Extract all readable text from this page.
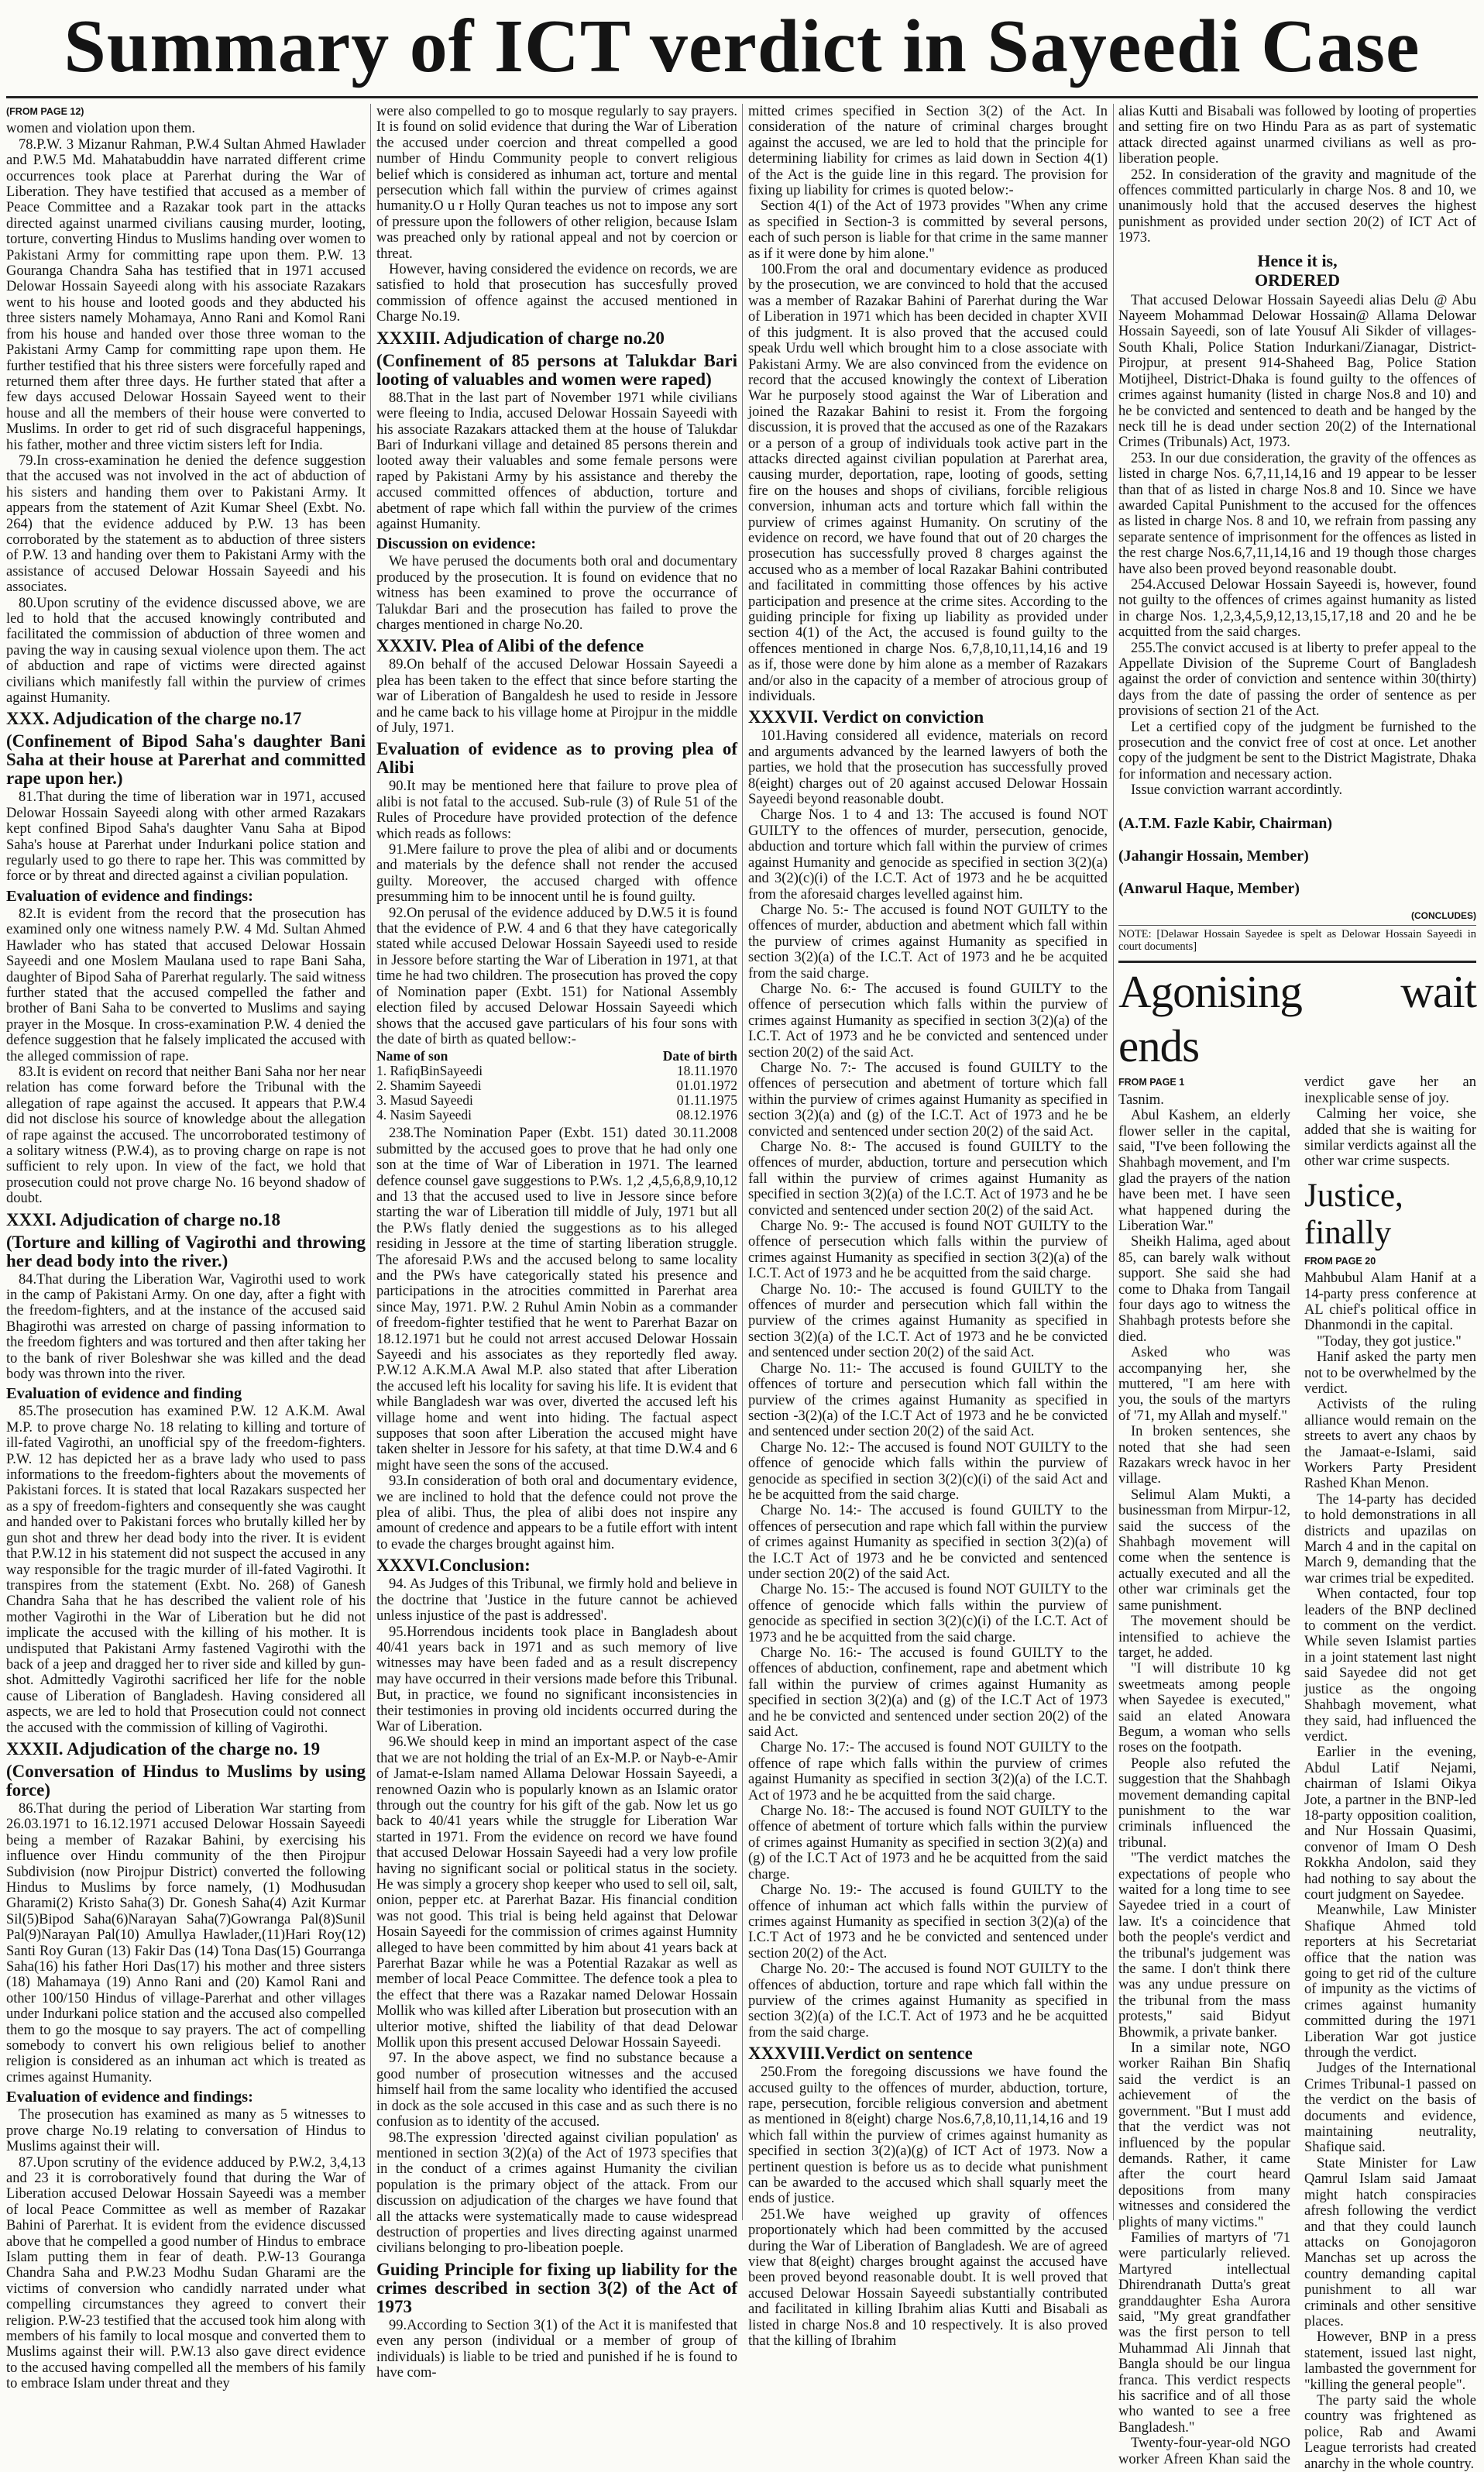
Summary of ICT verdict in Sayeedi Case
(FROM PAGE 12)

women and violation upon them.

78.P.W. 3 Mizanur Rahman, P.W.4 Sultan Ahmed Hawlader and P.W.5 Md. Mahatabuddin have narrated different crime occurrences took place at Parerhat during the War of Liberation. They have testified that accused as a member of Peace Committee and a Razakar took part in the attacks directed against unarmed civilians causing murder, looting, torture, converting Hindus to Muslims handing over women to Pakistani Army for committing rape upon them. P.W. 13 Gouranga Chandra Saha has testified that in 1971 accused Delowar Hossain Sayeedi along with his associate Razakars went to his house and looted goods and they abducted his three sisters namely Mohamaya, Anno Rani and Komol Rani from his house and handed over those three woman to the Pakistani Army Camp for committing rape upon them. He further testified that his three sisters were forcefully raped and returned them after three days. He further stated that after a few days accused Delowar Hossain Sayeed went to their house and all the members of their house were converted to Muslims. In order to get rid of such disgraceful happenings, his father, mother and three victim sisters left for India.

79.In cross-examination he denied the defence suggestion that the accused was not involved in the act of abduction of his sisters and handing them over to Pakistani Army. It appears from the statement of Azit Kumar Sheel (Exbt. No. 264) that the evidence adduced by P.W. 13 has been corroborated by the statement as to abduction of three sisters of P.W. 13 and handing over them to Pakistani Army with the assistance of accused Delowar Hossain Sayeedi and his associates.

80.Upon scrutiny of the evidence discussed above, we are led to hold that the accused knowingly contributed and facilitated the commission of abduction of three women and paving the way in causing sexual violence upon them. The act of abduction and rape of victims were directed against civilians which manifestly fall within the purview of crimes against Humanity.

XXX. Adjudication of the charge no.17
(Confinement of Bipod Saha's daughter Bani Saha at their house at Parerhat and committed rape upon her.)

81.That during the time of liberation war in 1971, accused Delowar Hossain Sayeedi along with other armed Razakars kept confined Bipod Saha's daughter Vanu Saha at Bipod Saha's house at Parerhat under Indurkani police station and regularly used to go there to rape her. This was committed by force or by threat and directed against a civilian population.

Evaluation of evidence and findings:

82.It is evident from the record that the prosecution has examined only one witness namely P.W. 4 Md. Sultan Ahmed Hawlader who has stated that accused Delowar Hossain Sayeedi and one Moslem Maulana used to rape Bani Saha, daughter of Bipod Saha of Parerhat regularly. The said witness further stated that the accused compelled the father and brother of Bani Saha to be converted to Muslims and saying prayer in the Mosque. In cross-examination P.W. 4 denied the defence suggestion that he falsely implicated the accused with the alleged commission of rape.

83.It is evident on record that neither Bani Saha nor her near relation has come forward before the Tribunal with the allegation of rape against the accused. It appears that P.W.4 did not disclose his source of knowledge about the allegation of rape against the accused. The uncorroborated testimony of a solitary witness (P.W.4), as to proving charge on rape is not sufficient to rely upon. In view of the fact, we hold that prosecution could not prove charge No. 16 beyond shadow of doubt.

XXXI. Adjudication of charge no.18
(Torture and killing of Vagirothi and throwing her dead body into the river.)

84.That during the Liberation War, Vagirothi used to work in the camp of Pakistani Army. On one day, after a fight with the freedom-fighters, and at the instance of the accused said Bhagirothi was arrested on charge of passing information to the freedom fighters and was tortured and then after taking her to the bank of river Boleshwar she was killed and the dead body was thrown into the river.

Evaluation of evidence and finding

85.The prosecution has examined P.W. 12 A.K.M. Awal M.P. to prove charge No. 18 relating to killing and torture of ill-fated Vagirothi, an unofficial spy of the freedom-fighters. P.W. 12 has depicted her as a brave lady who used to pass informations to the freedom-fighters about the movements of Pakistani forces. It is stated that local Razakars suspected her as a spy of freedom-fighters and consequently she was caught and handed over to Pakistani forces who brutally killed her by gun shot and threw her dead body into the river. It is evident that P.W.12 in his statement did not suspect the accused in any way responsible for the tragic murder of ill-fated Vagirothi. It transpires from the statement (Exbt. No. 268) of Ganesh Chandra Saha that he has described the valient role of his mother Vagirothi in the War of Liberation but he did not implicate the accused with the killing of his mother. It is undisputed that Pakistani Army fastened Vagirothi with the back of a jeep and dragged her to river side and killed by gun-shot. Admittedly Vagirothi sacrificed her life for the noble cause of Liberation of Bangladesh. Having considered all aspects, we are led to hold that Prosecution could not connect the accused with the commission of killing of Vagirothi.

XXXII. Adjudication of the charge no. 19
(Conversation of Hindus to Muslims by using force)

86.That during the period of Liberation War starting from 26.03.1971 to 16.12.1971 accused Delowar Hossain Sayeedi being a member of Razakar Bahini, by exercising his influence over Hindu community of the then Pirojpur Subdivision (now Pirojpur District) converted the following Hindus to Muslims by force namely, (1) Modhusudan Gharami(2) Kristo Saha(3) Dr. Gonesh Saha(4) Azit Kurmar Sil(5)Bipod Saha(6)Narayan Saha(7)Gowranga Pal(8)Sunil Pal(9)Narayan Pal(10) Amullya Hawlader,(11)Hari Roy(12) Santi Roy Guran (13) Fakir Das (14) Tona Das(15) Gourranga Saha(16) his father Hori Das(17) his mother and three sisters (18) Mahamaya (19) Anno Rani and (20) Kamol Rani and other 100/150 Hindus of village-Parerhat and other villages under Indurkani police station and the accused also compelled them to go the mosque to say prayers. The act of compelling somebody to convert his own religious belief to another religion is considered as an inhuman act which is treated as crimes against Humanity.

Evaluation of evidence and findings:

The prosecution has examined as many as 5 witnesses to prove charge No.19 relating to conversation of Hindus to Muslims against their will.

87.Upon scrutiny of the evidence adduced by P.W.2, 3,4,13 and 23 it is corroboratively found that during the War of Liberation accused Delowar Hossain Sayeedi was a member of local Peace Committee as well as member of Razakar Bahini of Parerhat. It is evident from the evidence discussed above that he compelled a good number of Hindus to embrace Islam putting them in fear of death. P.W-13 Gouranga Chandra Saha and P.W.23 Modhu Sudan Gharami are the victims of conversion who candidly narrated under what compelling circumstances they agreed to convert their religion. P.W-23 testified that the accused took him along with members of his family to local mosque and converted them to Muslims against their will. P.W.13 also gave direct evidence to the accused having compelled all the members of his family to embrace Islam under threat and they

were also compelled to go to mosque regularly to say prayers. It is found on solid evidence that during the War of Liberation the accused under coercion and threat compelled a good number of Hindu Community people to convert religious belief which is considered as inhuman act, torture and mental persecution which fall within the purview of crimes against humanity.O u r Holly Quran teaches us not to impose any sort of pressure upon the followers of other religion, because Islam was preached only by rational appeal and not by coercion or threat.

However, having considered the evidence on records, we are satisfied to hold that prosecution has succesfully proved commission of offence against the accused mentioned in Charge No.19.

XXXIII. Adjudication of charge no.20
(Confinement of 85 persons at Talukdar Bari looting of valuables and women were raped)

88.That in the last part of November 1971 while civilians were fleeing to India, accused Delowar Hossain Sayeedi with his associate Razakars attacked them at the house of Talukdar Bari of Indurkani village and detained 85 persons therein and looted away their valuables and some female persons were raped by Pakistani Army by his assistance and thereby the accused committed offences of abduction, torture and abetment of rape which fall within the purview of the crimes against Humanity.

Discussion on evidence:

We have perused the documents both oral and documentary produced by the prosecution. It is found on evidence that no witness has been examined to prove the occurrance of Talukdar Bari and the prosecution has failed to prove the charges mentioned in charge No.20.

XXXIV. Plea of Alibi of the defence

89.On behalf of the accused Delowar Hossain Sayeedi a plea has been taken to the effect that since before starting the war of Liberation of Bangaldesh he used to reside in Jessore and he came back to his village home at Pirojpur in the middle of July, 1971.

Evaluation of evidence as to proving plea of Alibi

90.It may be mentioned here that failure to prove plea of alibi is not fatal to the accused. Sub-rule (3) of Rule 51 of the Rules of Procedure have provided protection of the defence which reads as follows:

91.Mere failure to prove the plea of alibi and or documents and materials by the defence shall not render the accused guilty. Moreover, the accused charged with offence presumming him to be innocent until he is found guilty.

92.On perusal of the evidence adduced by D.W.5 it is found that the evidence of P.W. 4 and 6 that they have categorically stated while accused Delowar Hossain Sayeedi used to reside in Jessore before starting the War of Liberation in 1971, at that time he had two children. The prosecution has proved the copy of Nomination paper (Exbt. 151) for National Assembly election filed by accused Delowar Hossain Sayeedi which shows that the accused gave particulars of his four sons with the date of birth as quated bellow:-

Name of son	Date of birth
1. RafiqBinSayeedi	18.11.1970
2. Shamim Sayeedi	01.01.1972
3. Masud Sayeedi	01.11.1975
4. Nasim Sayeedi	08.12.1976

238.The Nomination Paper (Exbt. 151) dated 30.11.2008 submitted by the accused goes to prove that he had only one son at the time of War of Liberation in 1971. The learned defence counsel gave suggestions to P.Ws. 1,2 ,4,5,6,8,9,10,12 and 13 that the accused used to live in Jessore since before starting the war of Liberation till middle of July, 1971 but all the P.Ws flatly denied the suggestions as to his alleged residing in Jessore at the time of starting liberation struggle. The aforesaid P.Ws and the accused belong to same locality and the PWs have categorically stated his presence and participations in the atrocities committed in Parerhat area since May, 1971. P.W. 2 Ruhul Amin Nobin as a commander of freedom-fighter testified that he went to Parerhat Bazar on 18.12.1971 but he could not arrest accused Delowar Hossain Sayeedi and his associates as they reportedly fled away. P.W.12 A.K.M.A Awal M.P. also stated that after Liberation the accused left his locality for saving his life. It is evident that while Bangladesh war was over, diverted the accused left his village home and went into hiding. The factual aspect supposes that soon after Liberation the accused might have taken shelter in Jessore for his safety, at that time D.W.4 and 6 might have seen the sons of the accused.

93.In consideration of both oral and documentary evidence, we are inclined to hold that the defence could not prove the plea of alibi. Thus, the plea of alibi does not inspire any amount of credence and appears to be a futile effort with intent to evade the charges brought against him.

XXXVI.Conclusion:

94. As Judges of this Tribunal, we firmly hold and believe in the doctrine that 'Justice in the future cannot be achieved unless injustice of the past is addressed'.

95.Horrendous incidents took place in Bangladesh about 40/41 years back in 1971 and as such memory of live witnesses may have been faded and as a result discrepency may have occurred in their versions made before this Tribunal. But, in practice, we found no significant inconsistencies in their testimonies in proving old incidents occurred during the War of Liberation.

96.We should keep in mind an important aspect of the case that we are not holding the trial of an Ex-M.P. or Nayb-e-Amir of Jamat-e-Islam named Allama Delowar Hossain Sayeedi, a renowned Oazin who is popularly known as an Islamic orator through out the country for his gift of the gab. Now let us go back to 40/41 years while the struggle for Liberation War started in 1971. From the evidence on record we have found that accused Delowar Hossain Sayeedi had a very low profile having no significant social or political status in the society. He was simply a grocery shop keeper who used to sell oil, salt, onion, pepper etc. at Parerhat Bazar. His financial condition was not good. This trial is being held against that Delowar Hosain Sayeedi for the commission of crimes against Humnity alleged to have been committed by him about 41 years back at Parerhat Bazar while he was a Potential Razakar as well as member of local Peace Committee. The defence took a plea to the effect that there was a Razakar named Delowar Hossain Mollik who was killed after Liberation but prosecution with an ulterior motive, shifted the liability of that dead Delowar Mollik upon this present accused Delowar Hossain Sayeedi.

97. In the above aspect, we find no substance because a good number of prosecution witnesses and the accused himself hail from the same locality who identified the accused in dock as the sole accused in this case and as such there is no confusion as to identity of the accused.

98.The expression 'directed against civilian population' as mentioned in section 3(2)(a) of the Act of 1973 specifies that in the conduct of a crimes against Humanity the civilian population is the primary object of the attack. From our discussion on adjudication of the charges we have found that all the attacks were systematically made to cause widespread destruction of properties and lives directing against unarmed civilians belonging to pro-libeation poeple.

Guiding Principle for fixing up liability for the crimes described in section 3(2) of the Act of 1973

99.According to Section 3(1) of the Act it is manifested that even any person (individual or a member of group of individuals) is liable to be tried and punished if he is found to have com-

mitted crimes specified in Section 3(2) of the Act. In consideration of the nature of criminal charges brought against the accused, we are led to hold that the principle for determining liability for crimes as laid down in Section 4(1) of the Act is the guide line in this regard. The provision for fixing up liability for crimes is quoted below:-

Section 4(1) of the Act of 1973 provides "When any crime as specified in Section-3 is committed by several persons, each of such person is liable for that crime in the same manner as if it were done by him alone."

100.From the oral and documentary evidence as produced by the prosecution, we are convinced to hold that the accused was a member of Razakar Bahini of Parerhat during the War of Liberation in 1971 which has been decided in chapter XVII of this judgment. It is also proved that the accused could speak Urdu well which brought him to a close associate with Pakistani Army. We are also convinced from the evidence on record that the accused knowingly the context of Liberation War he purposely stood against the War of Liberation and joined the Razakar Bahini to resist it. From the forgoing discussion, it is proved that the accused as one of the Razakars or a person of a group of individuals took active part in the attacks directed against civilian population at Parerhat area, causing murder, deportation, rape, looting of goods, setting fire on the houses and shops of civilians, forcible religious conversion, inhuman acts and torture which fall within the purview of crimes against Humanity. On scrutiny of the evidence on record, we have found that out of 20 charges the prosecution has successfully proved 8 charges against the accused who as a member of local Razakar Bahini contributed and facilitated in committing those offences by his active participation and presence at the crime sites. According to the guiding principle for fixing up liability as provided under section 4(1) of the Act, the accused is found guilty to the offences mentioned in charge Nos. 6,7,8,10,11,14,16 and 19 as if, those were done by him alone as a member of Razakars and/or also in the capacity of a member of atrocious group of individuals.

XXXVII. Verdict on conviction

101.Having considered all evidence, materials on record and arguments advanced by the learned lawyers of both the parties, we hold that the prosecution has successfully proved 8(eight) charges out of 20 against accused Delowar Hossain Sayeedi beyond reasonable doubt.

Charge Nos. 1 to 4 and 13: The accused is found NOT GUILTY to the offences of murder, persecution, genocide, abduction and torture which fall within the purview of crimes against Humanity and genocide as specified in section 3(2)(a) and 3(2)(c)(i) of the I.C.T. Act of 1973 and he be acquitted from the aforesaid charges levelled against him.

Charge No. 5:- The accused is found NOT GUILTY to the offences of murder, abduction and abetment which fall within the purview of crimes against Humanity as specified in section 3(2)(a) of the I.C.T. Act of 1973 and he be acquited from the said charge.

Charge No. 6:- The accused is found GUILTY to the offence of persecution which falls within the purview of crimes against Humanity as specified in section 3(2)(a) of the I.C.T. Act of 1973 and he be convicted and sentenced under section 20(2) of the said Act.

Charge No. 7:- The accused is found GUILTY to the offences of persecution and abetment of torture which fall within the purview of crimes against Humanity as specified in section 3(2)(a) and (g) of the I.C.T. Act of 1973 and he be convicted and sentenced under section 20(2) of the said Act.

Charge No. 8:- The accused is found GUILTY to the offences of murder, abduction, torture and persecution which fall within the purview of crimes against Humanity as specified in section 3(2)(a) of the I.C.T. Act of 1973 and he be convicted and sentenced under section 20(2) of the said Act.

Charge No. 9:- The accused is found NOT GUILTY to the offence of persecution which falls within the purview of crimes against Humanity as specified in section 3(2)(a) of the I.C.T. Act of 1973 and he be acquitted from the said charge.

Charge No. 10:- The accused is found GUILTY to the offences of murder and persecution which fall within the purview of the crimes against Humanity as specified in section 3(2)(a) of the I.C.T. Act of 1973 and he be convicted and sentenced under section 20(2) of the said Act.

Charge No. 11:- The accused is found GUILTY to the offences of torture and persecution which fall within the purview of the crimes against Humanity as specified in section -3(2)(a) of the I.C.T Act of 1973 and he be convicted and sentenced under section 20(2) of the said Act.

Charge No. 12:- The accused is found NOT GUILTY to the offence of genocide which falls within the purview of genocide as specified in section 3(2)(c)(i) of the said Act and he be acquitted from the said charge.

Charge No. 14:- The accused is found GUILTY to the offences of persecution and rape which fall within the purview of crimes against Humanity as specified in section 3(2)(a) of the I.C.T Act of 1973 and he be convicted and sentenced under section 20(2) of the said Act.

Charge No. 15:- The accused is found NOT GUILTY to the offence of genocide which falls within the purview of genocide as specified in section 3(2)(c)(i) of the I.C.T. Act of 1973 and he be acquitted from the said charge.

Charge No. 16:- The accused is found GUILTY to the offences of abduction, confinement, rape and abetment which fall within the purview of crimes against Humanity as specified in section 3(2)(a) and (g) of the I.C.T Act of 1973 and he be convicted and sentenced under section 20(2) of the said Act.

Charge No. 17:- The accused is found NOT GUILTY to the offence of rape which falls within the purview of crimes against Humanity as specified in section 3(2)(a) of the I.C.T. Act of 1973 and he be acquitted from the said charge.

Charge No. 18:- The accused is found NOT GUILTY to the offence of abetment of torture which falls within the purview of crimes against Humanity as specified in section 3(2)(a) and (g) of the I.C.T Act of 1973 and he be acquitted from the said charge.

Charge No. 19:- The accused is found GUILTY to the offence of inhuman act which falls within the purview of crimes against Humanity as specified in section 3(2)(a) of the I.C.T Act of 1973 and he be convicted and sentenced under section 20(2) of the Act.

Charge No. 20:- The accused is found NOT GUILTY to the offences of abduction, torture and rape which fall within the purview of the crimes against Humanity as specified in section 3(2)(a) of the I.C.T. Act of 1973 and he be acquitted from the said charge.

XXXVIII.Verdict on sentence

250.From the foregoing discussions we have found the accused guilty to the offences of murder, abduction, torture, rape, persecution, forcible religious conversion and abetment as mentioned in 8(eight) charge Nos.6,7,8,10,11,14,16 and 19 which fall within the purview of crimes against humanity as specified in section 3(2)(a)(g) of ICT Act of 1973. Now a pertinent question is before us as to decide what punishment can be awarded to the accused which shall squarly meet the ends of justice.

251.We have weighed up gravity of offences proportionately which had been committed by the accused during the War of Liberation of Bangladesh. We are of agreed view that 8(eight) charges brought against the accused have been proved beyond reasonable doubt. It is well proved that accused Delowar Hossain Sayeedi substantially contributed and facilitated in killing Ibrahim alias Kutti and Bisabali as listed in charge Nos.8 and 10 respectively. It is also proved that the killing of Ibrahim

alias Kutti and Bisabali was followed by looting of properties and setting fire on two Hindu Para as as part of systematic attack directed against unarmed civilians as well as pro-liberation people.

252. In consideration of the gravity and magnitude of the offences committed particularly in charge Nos. 8 and 10, we unanimously hold that the accused deserves the highest punishment as provided under section 20(2) of ICT Act of 1973.

Hence it is,
ORDERED

That accused Delowar Hossain Sayeedi alias Delu @ Abu Nayeem Mohammad Delowar Hossain@ Allama Delowar Hossain Sayeedi, son of late Yousuf Ali Sikder of villages-South Khali, Police Station Indurkani/Zianagar, District-Pirojpur, at present 914-Shaheed Bag, Police Station Motijheel, District-Dhaka is found guilty to the offences of crimes against humanity (listed in charge Nos.8 and 10) and he be convicted and sentenced to death and be hanged by the neck till he is dead under section 20(2) of the International Crimes (Tribunals) Act, 1973.

253. In our due consideration, the gravity of the offences as listed in charge Nos. 6,7,11,14,16 and 19 appear to be lesser than that of as listed in charge Nos.8 and 10. Since we have awarded Capital Punishment to the accused for the offences as listed in charge Nos. 8 and 10, we refrain from passing any separate sentence of imprisonment for the offences as listed in the rest charge Nos.6,7,11,14,16 and 19 though those charges have also been proved beyond reasonable doubt.

254.Accused Delowar Hossain Sayeedi is, however, found not guilty to the offences of crimes against humanity as listed in charge Nos. 1,2,3,4,5,9,12,13,15,17,18 and 20 and he be acquitted from the said charges.

255.The convict accused is at liberty to prefer appeal to the Appellate Division of the Supreme Court of Bangladesh against the order of conviction and sentence within 30(thirty) days from the date of passing the order of sentence as per provisions of section 21 of the Act.

Let a certified copy of the judgment be furnished to the prosecution and the convict free of cost at once. Let another copy of the judgment be sent to the District Magistrate, Dhaka for information and necessary action.

Issue conviction warrant accordintly.

(A.T.M. Fazle Kabir, Chairman)
(Jahangir Hossain, Member)
(Anwarul Haque, Member)
(CONCLUDES)
NOTE: [Delawar Hossain Sayedee is spelt as Delowar Hossain Sayeedi in court documents]
Agonising wait ends
FROM PAGE 1

Tasnim.

Abul Kashem, an elderly flower seller in the capital, said, "I've been following the Shahbagh movement, and I'm glad the prayers of the nation have been met. I have seen what happened during the Liberation War."

Sheikh Halima, aged about 85, can barely walk without support. She said she had come to Dhaka from Tangail four days ago to witness the Shahbagh protests before she died.

Asked who was accompanying her, she muttered, "I am here with you, the souls of the martyrs of '71, my Allah and myself."

In broken sentences, she noted that she had seen Razakars wreck havoc in her village.

Selimul Alam Mukti, a businessman from Mirpur-12, said the success of the Shahbagh movement will come when the sentence is actually executed and all the other war criminals get the same punishment.

The movement should be intensified to achieve the target, he added.

"I will distribute 10 kg sweetmeats among people when Sayedee is executed," said an elated Anowara Begum, a woman who sells roses on the footpath.

People also refuted the suggestion that the Shahbagh movement demanding capital punishment to the war criminals influenced the tribunal.

"The verdict matches the expectations of people who waited for a long time to see Sayedee tried in a court of law. It's a coincidence that both the people's verdict and the tribunal's judgement was the same. I don't think there was any undue pressure on the tribunal from the mass protests," said Bidyut Bhowmik, a private banker.

In a similar note, NGO worker Raihan Bin Shafiq said the verdict is an achievement of the government. "But I must add that the verdict was not influenced by the popular demands. Rather, it came after the court heard depositions from many witnesses and considered the plights of many victims."

Families of martyrs of '71 were particularly relieved. Martyred intellectual Dhirendranath Dutta's great granddaughter Esha Aurora said, "My great grandfather was the first person to tell Muhammad Ali Jinnah that Bangla should be our lingua franca. This verdict respects his sacrifice and of all those who wanted to see a free Bangladesh."

Twenty-four-year-old NGO worker Afreen Khan said the verdict gave her an inexplicable sense of joy.

Calming her voice, she added that she is waiting for similar verdicts against all the other war crime suspects.

Justice, finally
FROM PAGE 20

Mahbubul Alam Hanif at a 14-party press conference at AL chief's political office in Dhanmondi in the capital.

"Today, they got justice."

Hanif asked the party men not to be overwhelmed by the verdict.

Activists of the ruling alliance would remain on the streets to avert any chaos by the Jamaat-e-Islami, said Workers Party President Rashed Khan Menon.

The 14-party has decided to hold demonstrations in all districts and upazilas on March 4 and in the capital on March 9, demanding that the war crimes trial be expedited.

When contacted, four top leaders of the BNP declined to comment on the verdict. While seven Islamist parties in a joint statement last night said Sayedee did not get justice as the ongoing Shahbagh movement, what they said, had influenced the verdict.

Earlier in the evening, Abdul Latif Nejami, chairman of Islami Oikya Jote, a partner in the BNP-led 18-party opposition coalition, and Nur Hossain Quasimi, convenor of Imam O Desh Rokkha Andolon, said they had nothing to say about the court judgment on Sayedee.

Meanwhile, Law Minister Shafique Ahmed told reporters at his Secretariat office that the nation was going to get rid of the culture of impunity as the victims of crimes against humanity committed during the 1971 Liberation War got justice through the verdict.

Judges of the International Crimes Tribunal-1 passed on the verdict on the basis of documents and evidence, maintaining neutrality, Shafique said.

State Minister for Law Qamrul Islam said Jamaat might hatch conspiracies afresh following the verdict and that they could launch attacks on Gonojagoron Manchas set up across the country demanding capital punishment to all war criminals and other sensitive places.

However, BNP in a press statement, issued last night, lambasted the government for "killing the general people".

The party said the whole country was frightened as police, Rab and Awami League terrorists had created anarchy in the whole country.
